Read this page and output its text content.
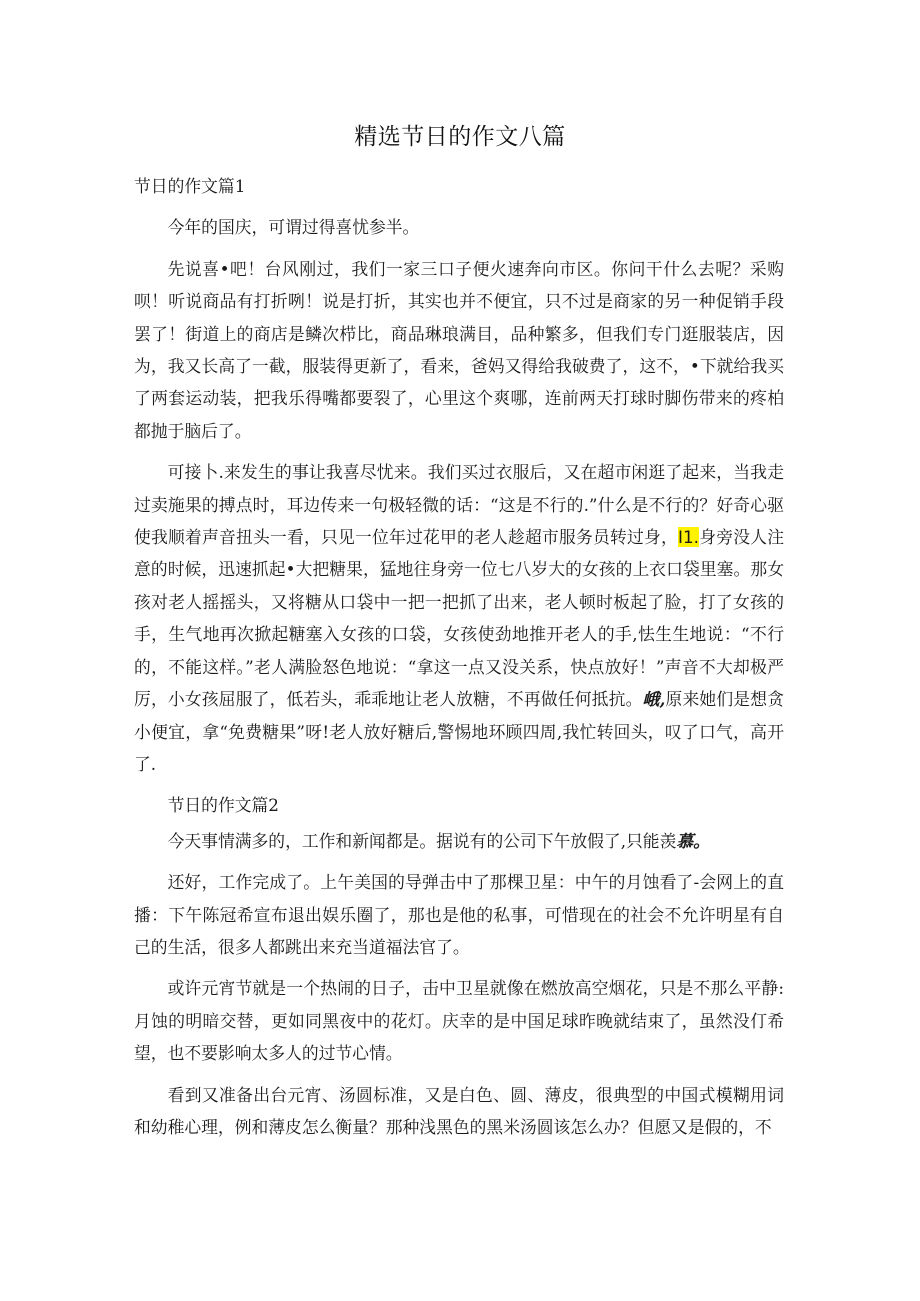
精选节日的作文八篇

节日的作文篇1

今年的国庆，可谓过得喜忧参半。

先说喜•吧！台风刚过，我们一家三口子便火速奔向市区。你问干什么去呢？采购呗！听说商品有打折咧！说是打折，其实也并不便宜，只不过是商家的另一种促销手段罢了！街道上的商店是鳞次栉比，商品琳琅满目，品种繁多，但我们专门逛服装店，因为，我又长高了一截，服装得更新了，看来，爸妈又得给我破费了，这不，•下就给我买了两套运动装，把我乐得嘴都要裂了，心里这个爽哪，连前两天打球时脚伤带来的疼柏都抛于脑后了。

可接卜.来发生的事让我喜尽忧来。我们买过衣服后，又在超市闲逛了起来，当我走过卖施果的搏点时，耳边传来一句极轻微的话：“这是不行的.”什么是不行的？好奇心驱使我顺着声音扭头一看，只见一位年过花甲的老人趁超市服务员转过身，I1.身旁没人注意的时候，迅速抓起•大把糖果，猛地往身旁一位七八岁大的女孩的上衣口袋里塞。那女孩对老人摇摇头，又将糖从口袋中一把一把抓了出来，老人顿时板起了脸，打了女孩的手，生气地再次掀起糖塞入女孩的口袋，女孩使劲地推开老人的手,怯生生地说：“不行的，不能这样。”老人满脸怒色地说：“拿这一点又没关系，快点放好！”声音不大却极严厉，小女孩屈服了，低若头，乖乖地让老人放糖，不再做任何抵抗。峨,原来她们是想贪小便宜，拿“免费糖果”呀!老人放好糖后,警惕地环顾四周,我忙转回头，叹了口气，高开了.

节日的作文篇2

今天事情满多的，工作和新闻都是。据说有的公司下午放假了,只能羡慕。

还好，工作完成了。上午美国的导弹击中了那棵卫星：中午的月蚀看了-会网上的直播：下午陈冠希宣布退出娱乐圈了，那也是他的私事，可惜现在的社会不允许明星有自己的生活，很多人都跳出来充当道福法官了。

或许元宵节就是一个热闹的日子，击中卫星就像在燃放高空烟花，只是不那么平静:月蚀的明暗交替，更如同黑夜中的花灯。庆幸的是中国足球昨晚就结束了，虽然没仃希望，也不要影响太多人的过节心情。

看到又准备出台元宵、汤圆标准，又是白色、圆、薄皮，很典型的中国式模糊用词和幼稚心理，例和薄皮怎么衡量？那种浅黑色的黑米汤圆该怎么办？但愿又是假的，不
